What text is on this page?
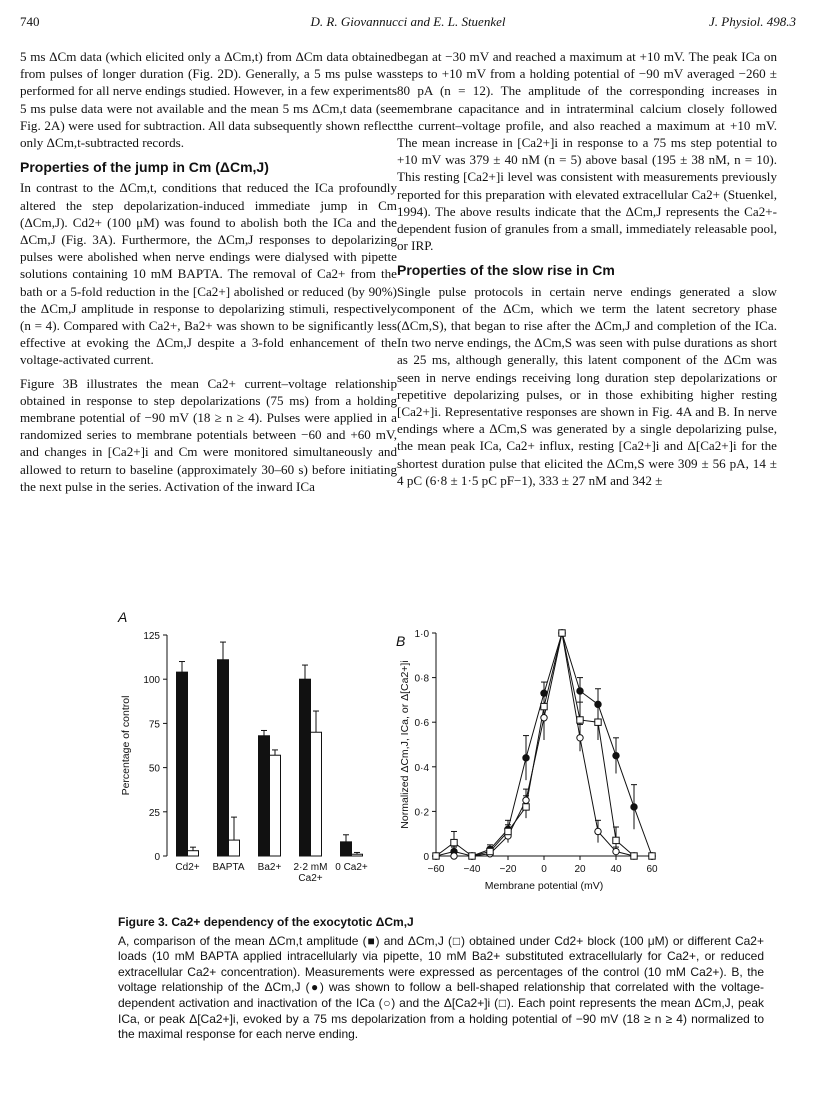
740	D. R. Giovannucci and E. L. Stuenkel	J. Physiol. 498.3

5 ms ΔCm data (which elicited only a ΔCm,t) from ΔCm data obtained from pulses of longer duration (Fig. 2D). Generally, a 5 ms pulse was performed for all nerve endings studied. However, in a few experiments 5 ms pulse data were not available and the mean 5 ms ΔCm,t data (see Fig. 2A) were used for subtraction. All data subsequently shown reflect only ΔCm,t-subtracted records.

Properties of the jump in Cm (ΔCm,J)

In contrast to the ΔCm,t, conditions that reduced the ICa profoundly altered the step depolarization-induced immediate jump in Cm (ΔCm,J). Cd2+ (100 μM) was found to abolish both the ICa and the ΔCm,J (Fig. 3A). Furthermore, the ΔCm,J responses to depolarizing pulses were abolished when nerve endings were dialysed with pipette solutions containing 10 mM BAPTA. The removal of Ca2+ from the bath or a 5-fold reduction in the [Ca2+] abolished or reduced (by 90%) the ΔCm,J amplitude in response to depolarizing stimuli, respectively (n = 4). Compared with Ca2+, Ba2+ was shown to be significantly less effective at evoking the ΔCm,J despite a 3-fold enhancement of the voltage-activated current.

Figure 3B illustrates the mean Ca2+ current–voltage relationship obtained in response to step depolarizations (75 ms) from a holding membrane potential of −90 mV (18 ≥ n ≥ 4). Pulses were applied in a randomized series to membrane potentials between −60 and +60 mV, and changes in [Ca2+]i and Cm were monitored simultaneously and allowed to return to baseline (approximately 30–60 s) before initiating the next pulse in the series. Activation of the inward ICa

began at −30 mV and reached a maximum at +10 mV. The peak ICa on steps to +10 mV from a holding potential of −90 mV averaged −260 ± 80 pA (n = 12). The amplitude of the corresponding increases in membrane capacitance and in intraterminal calcium closely followed the current–voltage profile, and also reached a maximum at +10 mV. The mean increase in [Ca2+]i in response to a 75 ms step potential to +10 mV was 379 ± 40 nM (n = 5) above basal (195 ± 38 nM, n = 10). This resting [Ca2+]i level was consistent with measurements previously reported for this preparation with elevated extracellular Ca2+ (Stuenkel, 1994). The above results indicate that the ΔCm,J represents the Ca2+-dependent fusion of granules from a small, immediately releasable pool, or IRP.

Properties of the slow rise in Cm

Single pulse protocols in certain nerve endings generated a slow component of the ΔCm, which we term the latent secretory phase (ΔCm,S), that began to rise after the ΔCm,J and completion of the ICa. In two nerve endings, the ΔCm,S was seen with pulse durations as short as 25 ms, although generally, this latent component of the ΔCm was seen in nerve endings receiving long duration step depolarizations or repetitive depolarizing pulses, or in those exhibiting higher resting [Ca2+]i. Representative responses are shown in Fig. 4A and B. In nerve endings where a ΔCm,S was generated by a single depolarizing pulse, the mean peak ICa, Ca2+ influx, resting [Ca2+]i and Δ[Ca2+]i for the shortest duration pulse that elicited the ΔCm,S were 309 ± 56 pA, 14 ± 4 pC (6·8 ± 1·5 pC pF−1), 333 ± 27 nM and 342 ±

A
B
0
25
50
75
100
125
Percentage of control
Cd2+ BAPTA Ba2+ 2·2 mM
Ca2+
0 Ca2+
0
0·2
0·4
0·6
0·8
1·0
−60 −40 −20 0	20 40 60
Membrane potential (mV)
Normalized ΔCm,J, ICa, or Δ[Ca2+]i
Figure 3. Ca2+ dependency of the exocytotic ΔCm,J
A, comparison of the mean ΔCm,t amplitude (■) and ΔCm,J (□) obtained under Cd2+ block (100 μM) or different Ca2+ loads (10 mM BAPTA applied intracellularly via pipette, 10 mM Ba2+ substituted extracellularly for Ca2+, or reduced extracellular Ca2+ concentration). Measurements were expressed as percentages of the control (10 mM Ca2+). B, the voltage relationship of the ΔCm,J (●) was shown to follow a bell-shaped relationship that correlated with the voltage-dependent activation and inactivation of the ICa (○) and the Δ[Ca2+]i (□). Each point represents the mean ΔCm,J, peak ICa, or peak Δ[Ca2+]i, evoked by a 75 ms depolarization from a holding potential of −90 mV (18 ≥ n ≥ 4) normalized to the maximal response for each nerve ending.
